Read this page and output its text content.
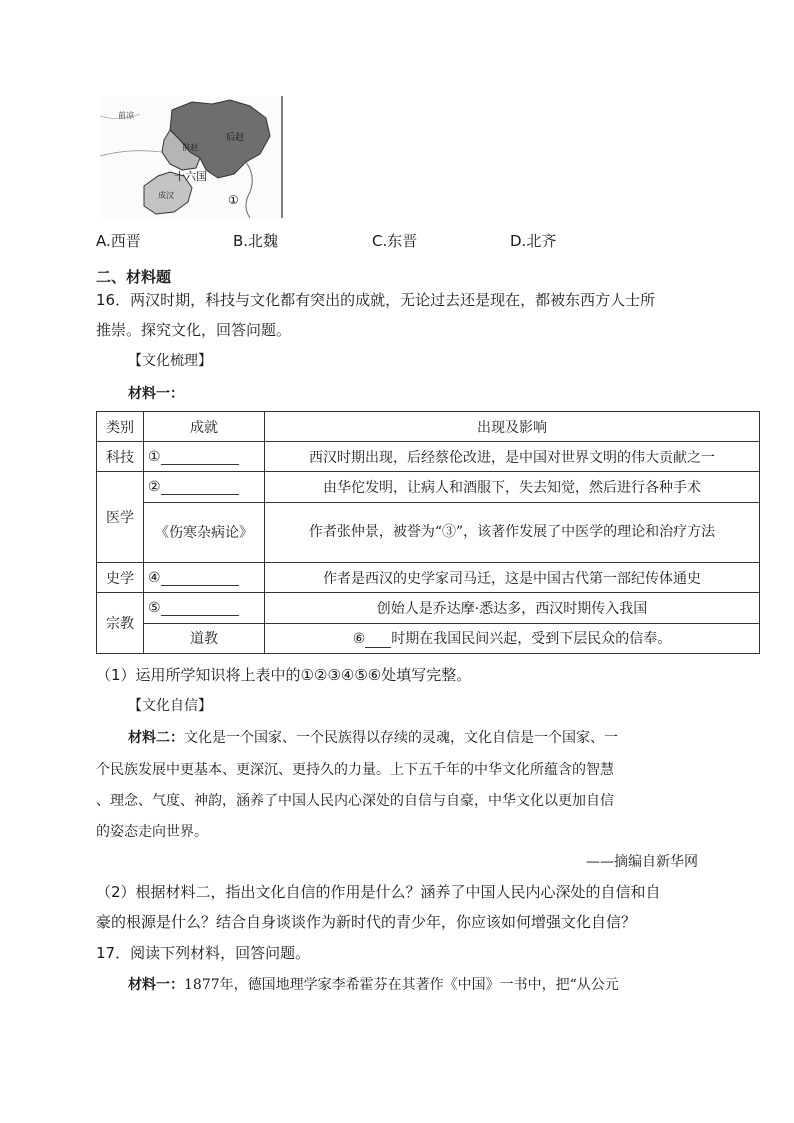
前凉
前赵
后赵
十六国
成汉	①
A.西晋	B.北魏	C.东晋	D.北齐
二、材料题
16．两汉时期，科技与文化都有突出的成就，无论过去还是现在，都被东西方人士所
推崇。探究文化，回答问题。
【文化梳理】
材料一：
类别	成就	出现及影响
科技	①	西汉时期出现，后经蔡伦改进，是中国对世界文明的伟大贡献之一
医学	②	由华佗发明，让病人和酒服下，失去知觉，然后进行各种手术
	《伤寒杂病论》	作者张仲景，被誉为“③”，该著作发展了中医学的理论和治疗方法
史学	④	作者是西汉的史学家司马迁，这是中国古代第一部纪传体通史
宗教	⑤	创始人是乔达摩·悉达多，西汉时期传入我国
	道教	⑥ 时期在我国民间兴起，受到下层民众的信奉。
（1）运用所学知识将上表中的①②③④⑤⑥处填写完整。
【文化自信】
材料二：文化是一个国家、一个民族得以存续的灵魂，文化自信是一个国家、一
个民族发展中更基本、更深沉、更持久的力量。上下五千年的中华文化所蕴含的智慧
、理念、气度、神韵，涵养了中国人民内心深处的自信与自豪，中华文化以更加自信
的姿态走向世界。
——摘编自新华网
（2）根据材料二，指出文化自信的作用是什么？涵养了中国人民内心深处的自信和自
豪的根源是什么？结合自身谈谈作为新时代的青少年，你应该如何增强文化自信？
17．阅读下列材料，回答问题。
材料一：1877年，德国地理学家李希霍芬在其著作《中国》一书中，把“从公元
